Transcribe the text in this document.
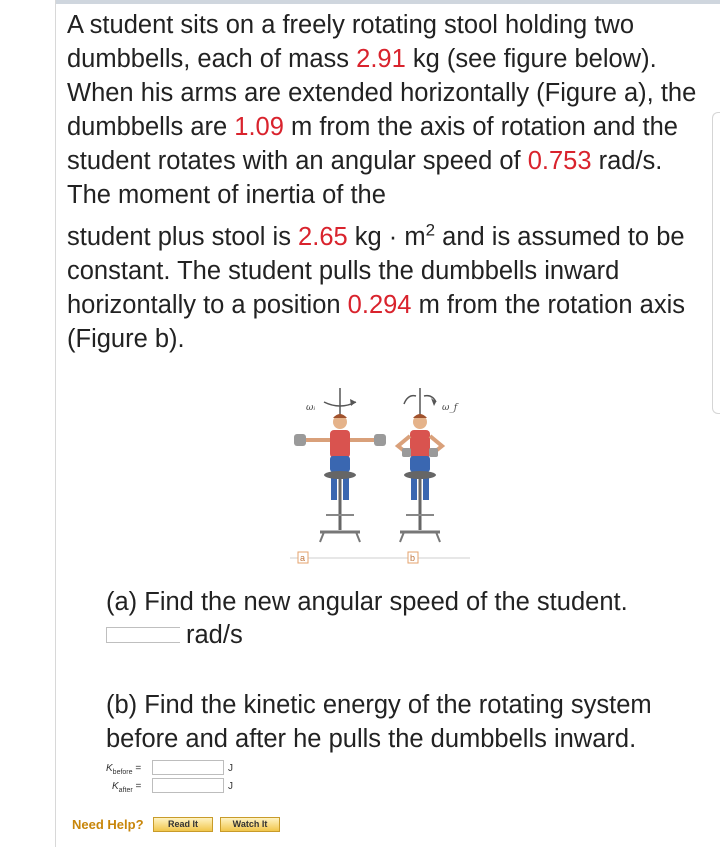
A student sits on a freely rotating stool holding two dumbbells, each of mass 2.91 kg (see figure below). When his arms are extended horizontally (Figure a), the dumbbells are 1.09 m from the axis of rotation and the student rotates with an angular speed of 0.753 rad/s. The moment of inertia of the

student plus stool is 2.65 kg · $m^2$ and is assumed to be constant. The student pulls the dumbbells inward horizontally to a position 0.294 m from the rotation axis (Figure b).

ωᵢ	ω_f
a	b
(a) Find the new angular speed of the student.
rad/s
(b) Find the kinetic energy of the rotating system before and after he pulls the dumbbells inward.
$K_{before}$ =	J
$K_{after}$ =	J
Need Help?	Read It	Watch It
